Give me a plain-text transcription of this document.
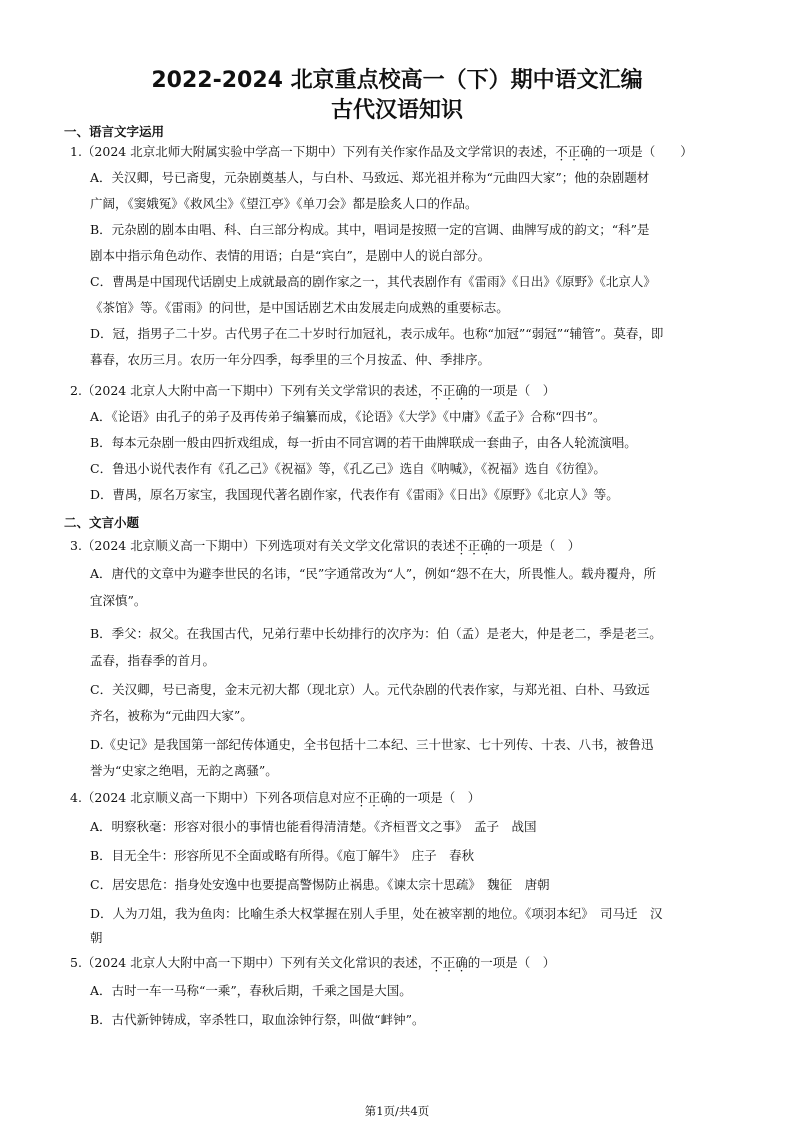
2022-2024 北京重点校高一（下）期中语文汇编
古代汉语知识
一、语言文字运用
1.（2024 北京北师大附属实验中学高一下期中）下列有关作家作品及文学常识的表述，不正确的一项是（　　）
A．关汉卿，号已斋叟，元杂剧奠基人，与白朴、马致远、郑光祖并称为“元曲四大家”；他的杂剧题材
广阔，《窦娥冤》《救风尘》《望江亭》《单刀会》都是脍炙人口的作品。
B．元杂剧的剧本由唱、科、白三部分构成。其中，唱词是按照一定的宫调、曲牌写成的韵文；“科”是
剧本中指示角色动作、表情的用语；白是“宾白”，是剧中人的说白部分。
C．曹禺是中国现代话剧史上成就最高的剧作家之一，其代表剧作有《雷雨》《日出》《原野》《北京人》
《茶馆》等。《雷雨》的问世，是中国话剧艺术由发展走向成熟的重要标志。
D．冠，指男子二十岁。古代男子在二十岁时行加冠礼，表示成年。也称“加冠”“弱冠”“辅管”。莫春，即
暮春，农历三月。农历一年分四季，每季里的三个月按孟、仲、季排序。
2.（2024 北京人大附中高一下期中）下列有关文学常识的表述，不正确的一项是（　）
A．《论语》由孔子的弟子及再传弟子编纂而成，《论语》《大学》《中庸》《孟子》合称“四书”。
B．每本元杂剧一般由四折戏组成，每一折由不同宫调的若干曲牌联成一套曲子，由各人轮流演唱。
C．鲁迅小说代表作有《孔乙己》《祝福》等，《孔乙己》选自《呐喊》，《祝福》选自《彷徨》。
D．曹禺，原名万家宝，我国现代著名剧作家，代表作有《雷雨》《日出》《原野》《北京人》等。
二、文言小题
3.（2024 北京顺义高一下期中）下列选项对有关文学文化常识的表述不正确的一项是（　）
A．唐代的文章中为避李世民的名讳，“民”字通常改为“人”，例如“怨不在大，所畏惟人。载舟覆舟，所
宜深慎”。
B．季父：叔父。在我国古代，兄弟行辈中长幼排行的次序为：伯（孟）是老大，仲是老二，季是老三。
孟春，指春季的首月。
C．关汉卿，号已斋叟，金末元初大都（现北京）人。元代杂剧的代表作家，与郑光祖、白朴、马致远
齐名，被称为“元曲四大家”。
D.《史记》是我国第一部纪传体通史，全书包括十二本纪、三十世家、七十列传、十表、八书，被鲁迅
誉为“史家之绝唱，无韵之离骚”。
4.（2024 北京顺义高一下期中）下列各项信息对应不正确的一项是（　）
A．明察秋毫：形容对很小的事情也能看得清清楚。《齐桓晋文之事》　孟子　战国
B．目无全牛：形容所见不全面或略有所得。《庖丁解牛》　庄子　春秋
C．居安思危：指身处安逸中也要提高警惕防止祸患。《谏太宗十思疏》　魏征　唐朝
D．人为刀俎，我为鱼肉：比喻生杀大权掌握在别人手里，处在被宰割的地位。《项羽本纪》　司马迁　汉
朝
5.（2024 北京人大附中高一下期中）下列有关文化常识的表述，不正确的一项是（　）
A．古时一车一马称“一乘”，春秋后期，千乘之国是大国。
B．古代新钟铸成，宰杀牲口，取血涂钟行祭，叫做“衅钟”。
第1页/共4页
